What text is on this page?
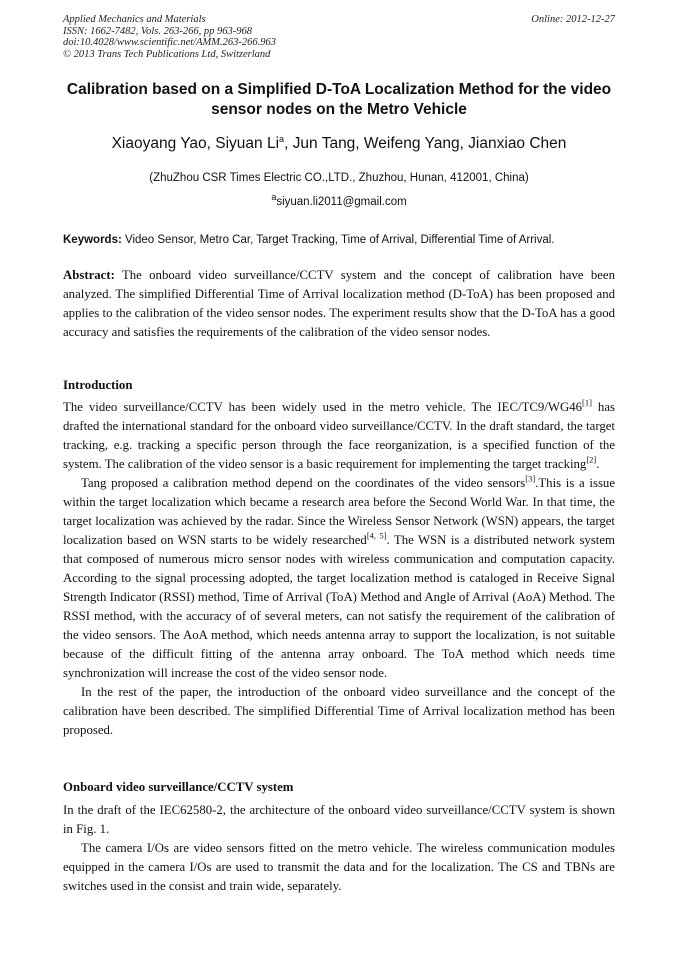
Applied Mechanics and Materials
ISSN: 1662-7482, Vols. 263-266, pp 963-968
doi:10.4028/www.scientific.net/AMM.263-266.963
© 2013 Trans Tech Publications Ltd, Switzerland
Online: 2012-12-27
Calibration based on a Simplified D-ToA Localization Method for the video sensor nodes on the Metro Vehicle
Xiaoyang Yao, Siyuan Li$^a$, Jun Tang, Weifeng Yang, Jianxiao Chen
(ZhuZhou CSR Times Electric CO.,LTD., Zhuzhou, Hunan, 412001, China)
$^a$siyuan.li2011@gmail.com
Keywords: Video Sensor, Metro Car, Target Tracking, Time of Arrival, Differential Time of Arrival.
Abstract: The onboard video surveillance/CCTV system and the concept of calibration have been analyzed. The simplified Differential Time of Arrival localization method (D-ToA) has been proposed and applies to the calibration of the video sensor nodes. The experiment results show that the D-ToA has a good accuracy and satisfies the requirements of the calibration of the video sensor nodes.
Introduction

The video surveillance/CCTV has been widely used in the metro vehicle. The IEC/TC9/WG46[1] has drafted the international standard for the onboard video surveillance/CCTV. In the draft standard, the target tracking, e.g. tracking a specific person through the face reorganization, is a specified function of the system. The calibration of the video sensor is a basic requirement for implementing the target tracking[2].

Tang proposed a calibration method depend on the coordinates of the video sensors[3].This is a issue within the target localization which became a research area before the Second World War. In that time, the target localization was achieved by the radar. Since the Wireless Sensor Network (WSN) appears, the target localization based on WSN starts to be widely researched[4, 5]. The WSN is a distributed network system that composed of numerous micro sensor nodes with wireless communication and computation capacity. According to the signal processing adopted, the target localization method is cataloged in Receive Signal Strength Indicator (RSSI) method, Time of Arrival (ToA) Method and Angle of Arrival (AoA) Method. The RSSI method, with the accuracy of of several meters, can not satisfy the requirement of the calibration of the video sensors. The AoA method, which needs antenna array to support the localization, is not suitable because of the difficult fitting of the antenna array onboard. The ToA method which needs time synchronization will increase the cost of the video sensor node.

In the rest of the paper, the introduction of the onboard video surveillance and the concept of the calibration have been described. The simplified Differential Time of Arrival localization method has been proposed.

Onboard video surveillance/CCTV system

In the draft of the IEC62580-2, the architecture of the onboard video surveillance/CCTV system is shown in Fig. 1.

The camera I/Os are video sensors fitted on the metro vehicle. The wireless communication modules equipped in the camera I/Os are used to transmit the data and for the localization. The CS and TBNs are switches used in the consist and train wide, separately.
